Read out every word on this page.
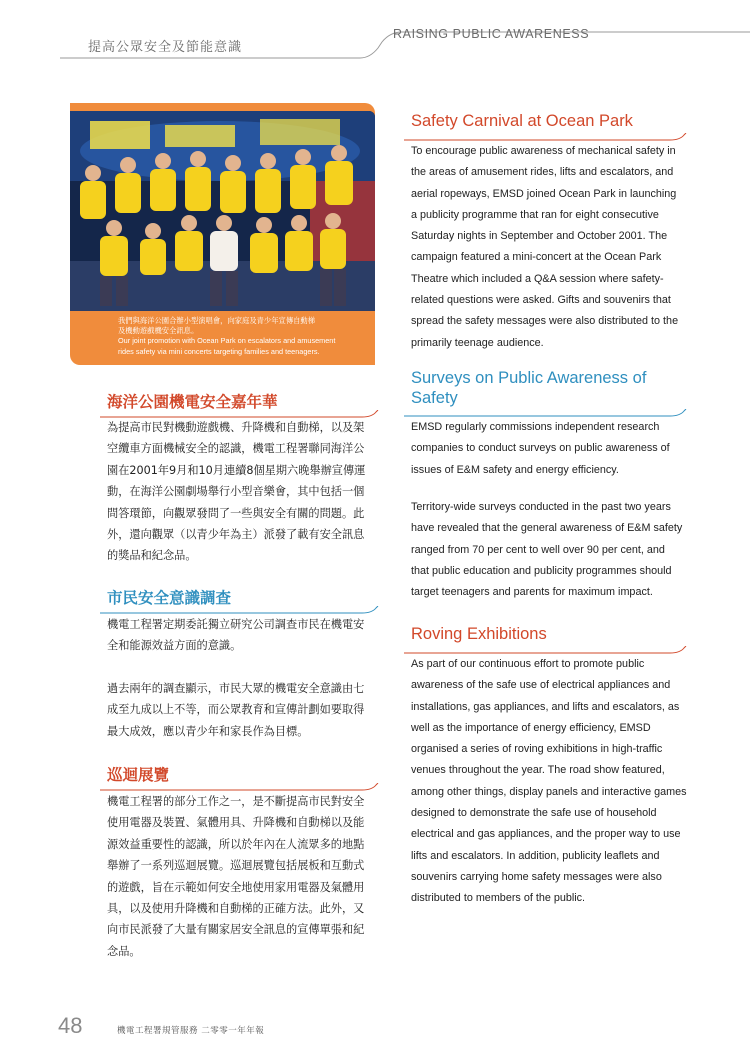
提高公眾安全及節能意識
RAISING PUBLIC AWARENESS
我們與海洋公園合辦小型演唱會，向家庭及青少年宣傳自動梯
及機動遊戲機安全訊息。
Our joint promotion with Ocean Park on escalators and amusement
rides safety via mini concerts targeting families and teenagers.
海洋公園機電安全嘉年華
為提高市民對機動遊戲機、升降機和自動梯，以及架
空纜車方面機械安全的認識，機電工程署聯同海洋公
園在2001年9月和10月連續8個星期六晚舉辦宣傳運
動，在海洋公園劇場舉行小型音樂會，其中包括一個
問答環節，向觀眾發問了一些與安全有關的問題。此
外，還向觀眾（以青少年為主）派發了載有安全訊息
的獎品和紀念品。
市民安全意識調查
機電工程署定期委託獨立研究公司調查市民在機電安
全和能源效益方面的意識。
過去兩年的調查顯示，市民大眾的機電安全意識由七
成至九成以上不等，而公眾教育和宣傳計劃如要取得
最大成效，應以青少年和家長作為目標。
巡迴展覽
機電工程署的部分工作之一，是不斷提高市民對安全
使用電器及裝置、氣體用具、升降機和自動梯以及能
源效益重要性的認識，所以於年內在人流眾多的地點
舉辦了一系列巡迴展覽。巡迴展覽包括展板和互動式
的遊戲，旨在示範如何安全地使用家用電器及氣體用
具，以及使用升降機和自動梯的正確方法。此外，又
向市民派發了大量有關家居安全訊息的宣傳單張和紀
念品。
Safety Carnival at Ocean Park
To encourage public awareness of mechanical safety in
the areas of amusement rides, lifts and escalators, and
aerial ropeways, EMSD joined Ocean Park in launching
a publicity programme that ran for eight consecutive
Saturday nights in September and October 2001. The
campaign featured a mini-concert at the Ocean Park
Theatre which included a Q&A session where safety-
related questions were asked. Gifts and souvenirs that
spread the safety messages were also distributed to the
primarily teenage audience.
Surveys on Public Awareness of
Safety
EMSD regularly commissions independent research
companies to conduct surveys on public awareness of
issues of E&M safety and energy efficiency.
Territory-wide surveys conducted in the past two years
have revealed that the general awareness of E&M safety
ranged from 70 per cent to well over 90 per cent, and
that public education and publicity programmes should
target teenagers and parents for maximum impact.
Roving Exhibitions
As part of our continuous effort to promote public
awareness of the safe use of electrical appliances and
installations, gas appliances, and lifts and escalators, as
well as the importance of energy efficiency, EMSD
organised a series of roving exhibitions in high-traffic
venues throughout the year. The road show featured,
among other things, display panels and interactive games
designed to demonstrate the safe use of household
electrical and gas appliances, and the proper way to use
lifts and escalators. In addition, publicity leaflets and
souvenirs carrying home safety messages were also
distributed to members of the public.
48	機電工程署規管服務 二零零一年年報
